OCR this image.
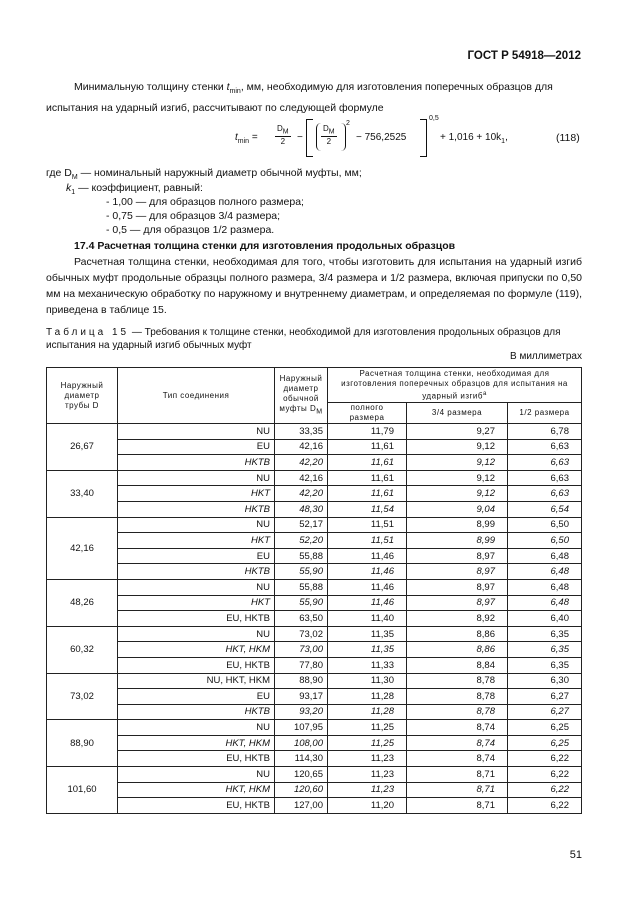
ГОСТ Р 54918—2012
Минимальную толщину стенки $t_{min}$, мм, необходимую для изготовления поперечных образцов для испытания на ударный изгиб, рассчитывают по следующей формуле
$t_{min} = \frac{D_M}{2} - \frac{D_M}{2}$
2
− 756,2525
0,5
+ $1,016 + 10k_1$,	(118)
где $D_M$ — номинальный наружный диаметр обычной муфты, мм;
$k_1$ — коэффициент, равный:
- 1,00 — для образцов полного размера;
- 0,75 — для образцов 3/4 размера;
- 0,5 — для образцов 1/2 размера.
17.4 Расчетная толщина стенки для изготовления продольных образцов
Расчетная толщина стенки, необходимая для того, чтобы изготовить для испытания на ударный изгиб обычных муфт продольные образцы полного размера, 3/4 размера и 1/2 размера, включая припуски по 0,50 мм на механическую обработку по наружному и внутреннему диаметрам, и определяемая по формуле (119), приведена в таблице 15.
Таблица 15 — Требования к толщине стенки, необходимой для изготовления продольных образцов для испытания на ударный изгиб обычных муфт
В миллиметрах
Наружный диаметр трубы D	Тип соединения	Наружный диаметр обычной муфты $D_M$	Расчетная толщина стенки, необходимая для изготовления поперечных образцов для испытания на ударный изгиб$^a$
			полного размера	3/4 размера	1/2 размера
26,67	NU	33,35	11,79	9,27	6,78
	EU	42,16	11,61	9,12	6,63
	HKTB	42,20	11,61	9,12	6,63
33,40	NU	42,16	11,61	9,12	6,63
	HKT	42,20	11,61	9,12	6,63
	HKTB	48,30	11,54	9,04	6,54
42,16	NU	52,17	11,51	8,99	6,50
	HKT	52,20	11,51	8,99	6,50
	EU	55,88	11,46	8,97	6,48
	HKTB	55,90	11,46	8,97	6,48
48,26	NU	55,88	11,46	8,97	6,48
	HKT	55,90	11,46	8,97	6,48
	EU, HKTB	63,50	11,40	8,92	6,40
60,32	NU	73,02	11,35	8,86	6,35
	HKT, HKM	73,00	11,35	8,86	6,35
	EU, HKTB	77,80	11,33	8,84	6,35
73,02	NU, HKT, HKM	88,90	11,30	8,78	6,30
	EU	93,17	11,28	8,78	6,27
	HKTB	93,20	11,28	8,78	6,27
88,90	NU	107,95	11,25	8,74	6,25
	HKT, HKM	108,00	11,25	8,74	6,25
	EU, HKTB	114,30	11,23	8,74	6,22
101,60	NU	120,65	11,23	8,71	6,22
	HKT, HKM	120,60	11,23	8,71	6,22
	EU, HKTB	127,00	11,20	8,71	6,22
51
